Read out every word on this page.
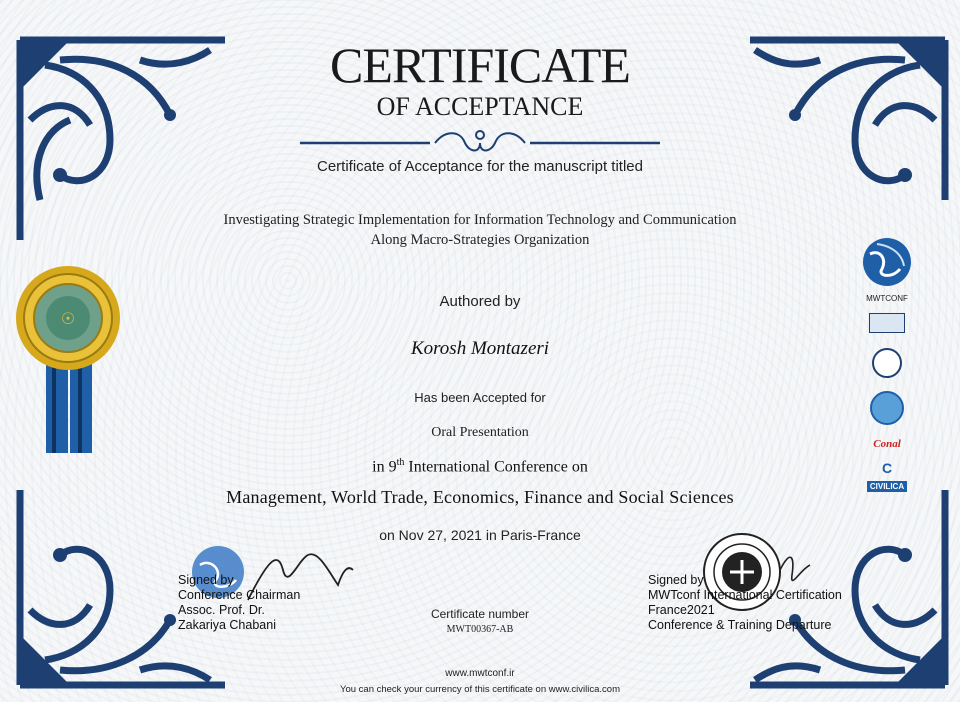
CERTIFICATE
OF ACCEPTANCE
Certificate of Acceptance for the manuscript titled
Investigating Strategic Implementation for Information Technology and Communication
Along Macro-Strategies Organization
Authored by
Korosh Montazeri
Has been Accepted for
Oral Presentation
in 9th International Conference on
Management, World Trade, Economics, Finance and Social Sciences
on Nov 27, 2021 in Paris-France
☉
MWTCONF
Conal
C
CIVILICA
Signed by
Conference Chairman
Assoc. Prof. Dr.
Zakariya Chabani
Certificate number
MWT00367-AB
Signed by
MWTconf International Certification
France2021
Conference & Training Departure
www.mwtconf.ir
You can check your currency of this certificate on www.civilica.com
